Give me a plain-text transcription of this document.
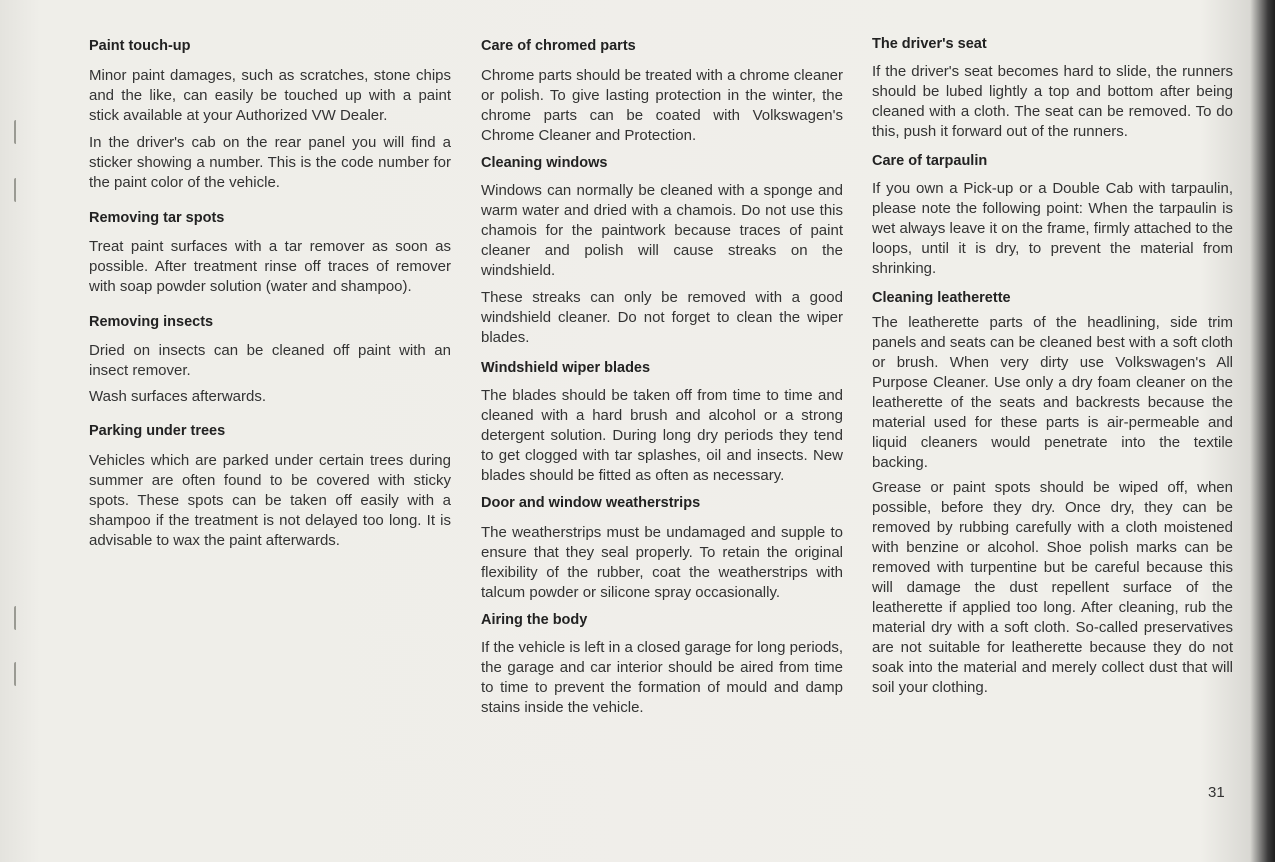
Paint touch-up

Minor paint damages, such as scratches, stone chips and the like, can easily be touched up with a paint stick available at your Authorized VW Dealer.

In the driver's cab on the rear panel you will find a sticker showing a number. This is the code number for the paint color of the vehicle.

Removing tar spots

Treat paint surfaces with a tar remover as soon as possible. After treatment rinse off traces of remover with soap powder solution (water and shampoo).

Removing insects

Dried on insects can be cleaned off paint with an insect remover.

Wash surfaces afterwards.

Parking under trees

Vehicles which are parked under certain trees during summer are often found to be covered with sticky spots. These spots can be taken off easily with a shampoo if the treatment is not delayed too long. It is advisable to wax the paint afterwards.

Care of chromed parts

Chrome parts should be treated with a chrome cleaner or polish. To give lasting protection in the winter, the chrome parts can be coated with Volkswagen's Chrome Cleaner and Protection.

Cleaning windows

Windows can normally be cleaned with a sponge and warm water and dried with a chamois. Do not use this chamois for the paintwork because traces of paint cleaner and polish will cause streaks on the windshield.

These streaks can only be removed with a good windshield cleaner. Do not forget to clean the wiper blades.

Windshield wiper blades

The blades should be taken off from time to time and cleaned with a hard brush and alcohol or a strong detergent solution. During long dry periods they tend to get clogged with tar splashes, oil and insects. New blades should be fitted as often as necessary.

Door and window weatherstrips

The weatherstrips must be undamaged and supple to ensure that they seal properly. To retain the original flexibility of the rubber, coat the weatherstrips with talcum powder or silicone spray occasionally.

Airing the body

If the vehicle is left in a closed garage for long periods, the garage and car interior should be aired from time to time to prevent the formation of mould and damp stains inside the vehicle.

The driver's seat

If the driver's seat becomes hard to slide, the runners should be lubed lightly a top and bottom after being cleaned with a cloth. The seat can be removed. To do this, push it forward out of the runners.

Care of tarpaulin

If you own a Pick-up or a Double Cab with tarpaulin, please note the following point: When the tarpaulin is wet always leave it on the frame, firmly attached to the loops, until it is dry, to prevent the material from shrinking.

Cleaning leatherette

The leatherette parts of the headlining, side trim panels and seats can be cleaned best with a soft cloth or brush. When very dirty use Volkswagen's All Purpose Cleaner. Use only a dry foam cleaner on the leatherette of the seats and backrests because the material used for these parts is air-permeable and liquid cleaners would penetrate into the textile backing.

Grease or paint spots should be wiped off, when possible, before they dry. Once dry, they can be removed by rubbing carefully with a cloth moistened with benzine or alcohol. Shoe polish marks can be removed with turpentine but be careful because this will damage the dust repellent surface of the leatherette if applied too long. After cleaning, rub the material dry with a soft cloth. So-called preservatives are not suitable for leatherette because they do not soak into the material and merely collect dust that will soil your clothing.

31
